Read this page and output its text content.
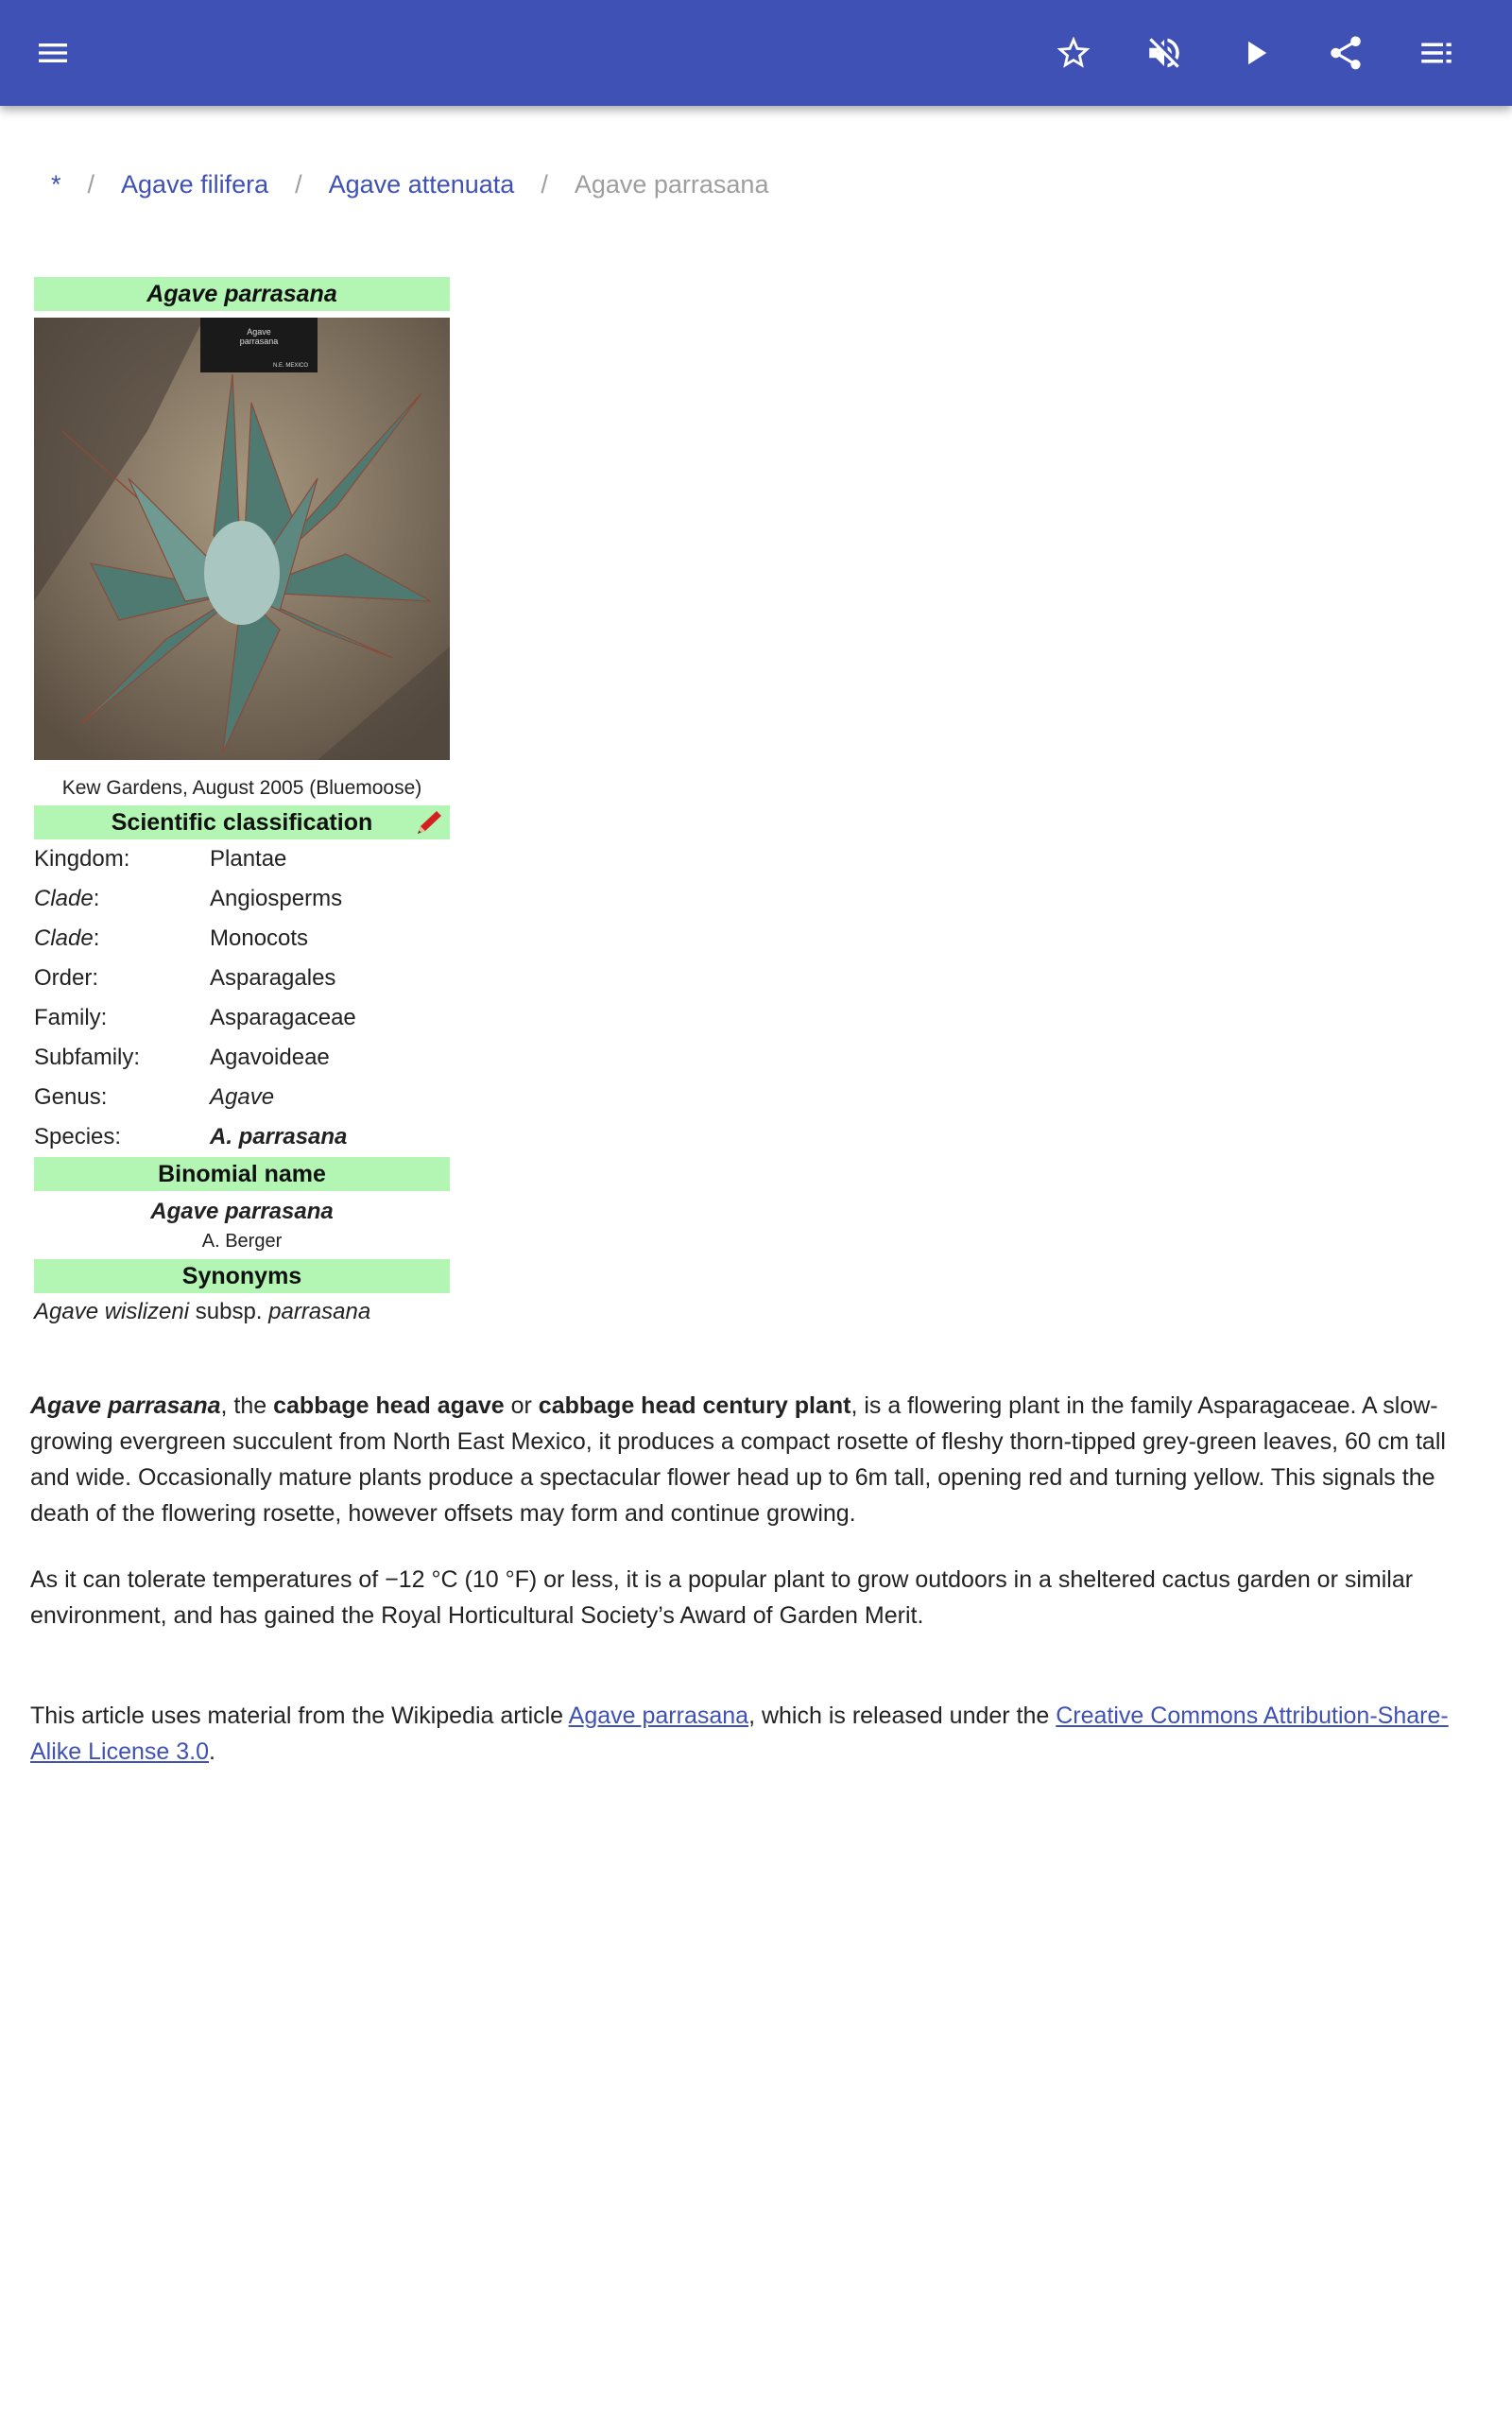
* / Agave filifera / Agave attenuata / Agave parrasana
Agave parrasana
Agave
parrasana
N.E. MEXICO
Kew Gardens, August 2005 (Bluemoose)
Scientific classification
Kingdom:	Plantae
Clade:	Angiosperms
Clade:	Monocots
Order:	Asparagales
Family:	Asparagaceae
Subfamily:	Agavoideae
Genus:	Agave
Species:	A. parrasana
Binomial name
Agave parrasana
A. Berger
Synonyms
Agave wislizeni subsp. parrasana

Agave parrasana, the cabbage head agave or cabbage head century plant, is a flowering plant in the family Asparagaceae. A slow-growing evergreen succulent from North East Mexico, it produces a compact rosette of fleshy thorn-tipped grey-green leaves, 60 cm tall and wide. Occasionally mature plants produce a spectacular flower head up to 6m tall, opening red and turning yellow. This signals the death of the flowering rosette, however offsets may form and continue growing.

As it can tolerate temperatures of −12 °C (10 °F) or less, it is a popular plant to grow outdoors in a sheltered cactus garden or similar environment, and has gained the Royal Horticultural Society’s Award of Garden Merit.

This article uses material from the Wikipedia article Agave parrasana, which is released under the Creative Commons Attribution-Share-Alike License 3.0.
